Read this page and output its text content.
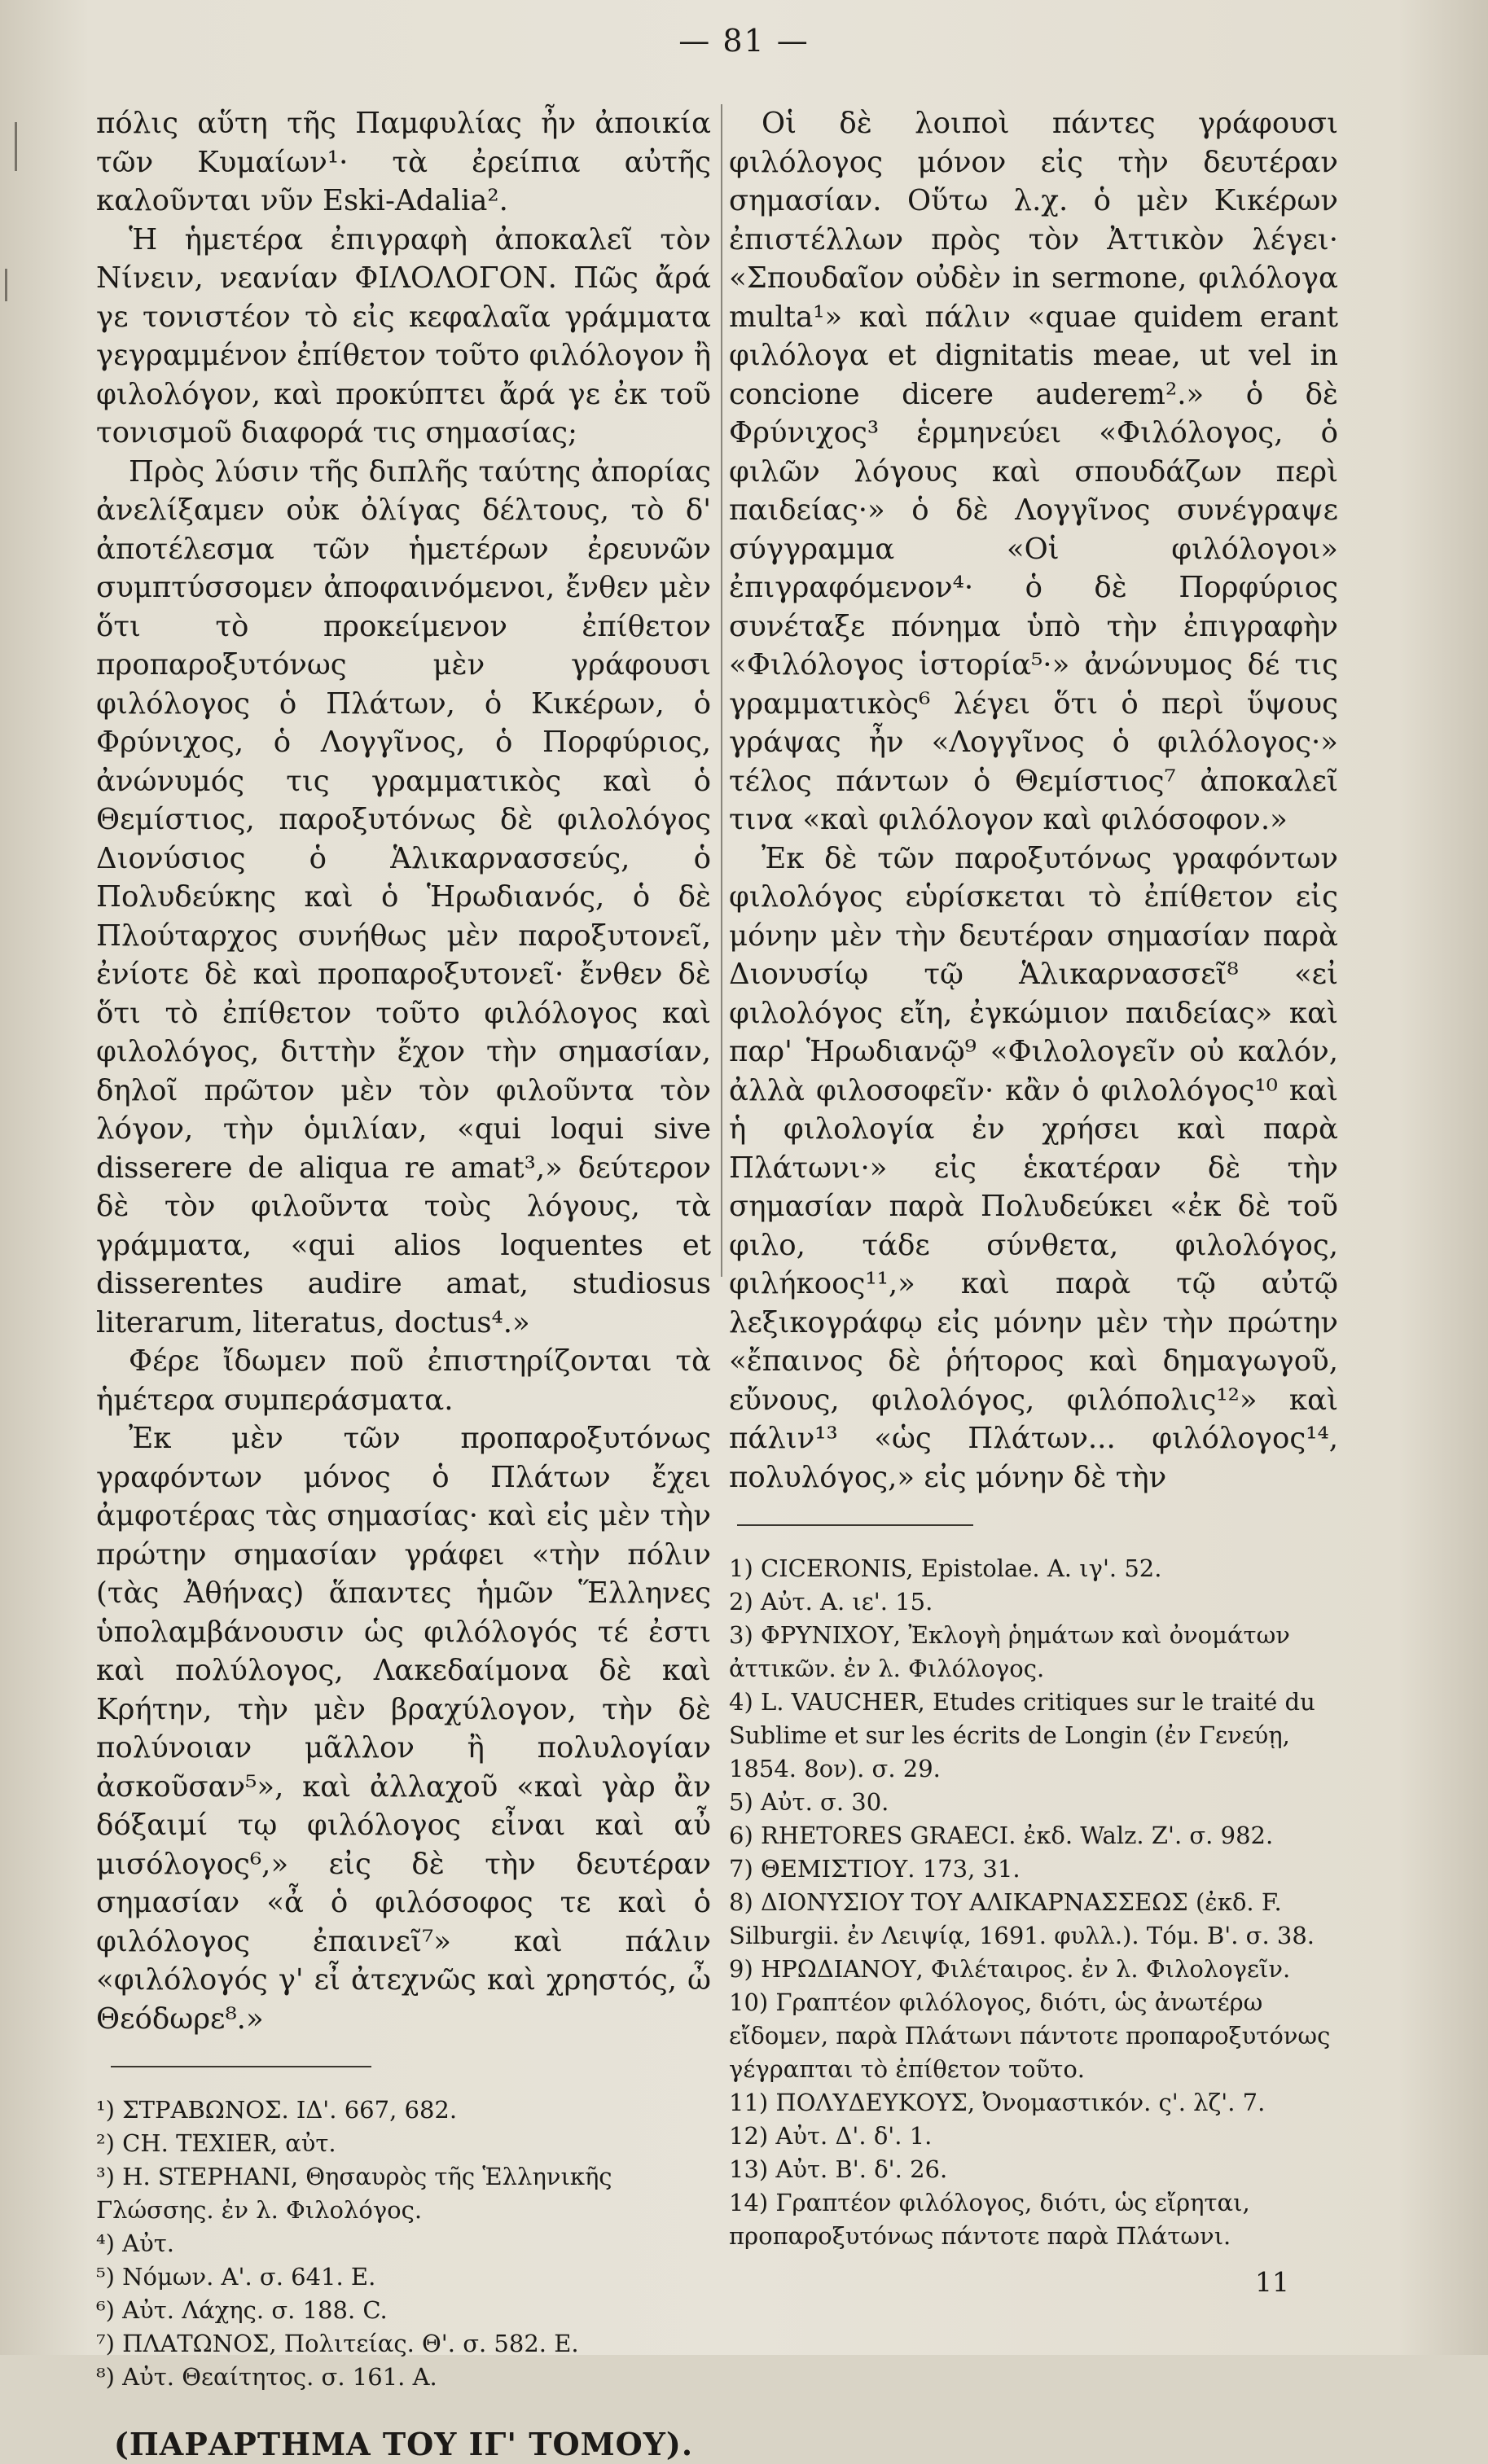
— 81 —

πόλις αὕτη τῆς Παμφυλίας ἦν ἀποικία τῶν Κυμαίων¹· τὰ ἐρείπια αὐτῆς καλοῦνται νῦν Eski-Adalia².

Ἡ ἡμετέρα ἐπιγραφὴ ἀποκαλεῖ τὸν Νίνειν, νεανίαν ΦΙΛΟΛΟΓΟΝ. Πῶς ἄρά γε τονιστέον τὸ εἰς κεφαλαῖα γράμματα γεγραμμένον ἐπίθετον τοῦτο φιλόλογον ἢ φιλολόγον, καὶ προκύπτει ἄρά γε ἐκ τοῦ τονισμοῦ διαφορά τις σημασίας;

Πρὸς λύσιν τῆς διπλῆς ταύτης ἀπορίας ἀνελίξαμεν οὐκ ὀλίγας δέλτους, τὸ δ' ἀποτέλεσμα τῶν ἡμετέρων ἐρευνῶν συμπτύσσομεν ἀποφαινόμενοι, ἔνθεν μὲν ὅτι τὸ προκείμενον ἐπίθετον προπαροξυτόνως μὲν γράφουσι φιλόλογος ὁ Πλάτων, ὁ Κικέρων, ὁ Φρύνιχος, ὁ Λογγῖνος, ὁ Πορφύριος, ἀνώνυμός τις γραμματικὸς καὶ ὁ Θεμίστιος, παροξυτόνως δὲ φιλολόγος Διονύσιος ὁ Ἁλικαρνασσεύς, ὁ Πολυδεύκης καὶ ὁ Ἡρωδιανός, ὁ δὲ Πλούταρχος συνήθως μὲν παροξυτονεῖ, ἐνίοτε δὲ καὶ προπαροξυτονεῖ· ἔνθεν δὲ ὅτι τὸ ἐπίθετον τοῦτο φιλόλογος καὶ φιλολόγος, διττὴν ἔχον τὴν σημασίαν, δηλοῖ πρῶτον μὲν τὸν φιλοῦντα τὸν λόγον, τὴν ὁμιλίαν, «qui loqui sive disserere de aliqua re amat³,» δεύτερον δὲ τὸν φιλοῦντα τοὺς λόγους, τὰ γράμματα, «qui alios loquentes et disserentes audire amat, studiosus literarum, literatus, doctus⁴.»

Φέρε ἴδωμεν ποῦ ἐπιστηρίζονται τὰ ἡμέτερα συμπεράσματα.

Ἐκ μὲν τῶν προπαροξυτόνως γραφόντων μόνος ὁ Πλάτων ἔχει ἀμφοτέρας τὰς σημασίας· καὶ εἰς μὲν τὴν πρώτην σημασίαν γράφει «τὴν πόλιν (τὰς Ἀθήνας) ἅπαντες ἡμῶν Ἕλληνες ὑπολαμβάνουσιν ὡς φιλόλογός τέ ἐστι καὶ πολύλογος, Λακεδαίμονα δὲ καὶ Κρήτην, τὴν μὲν βραχύλογον, τὴν δὲ πολύνοιαν μᾶλλον ἢ πολυλογίαν ἀσκοῦσαν⁵», καὶ ἀλλαχοῦ «καὶ γὰρ ἂν δόξαιμί τῳ φιλόλογος εἶναι καὶ αὖ μισόλογος⁶,» εἰς δὲ τὴν δευτέραν σημασίαν «ἆ ὁ φιλόσοφος τε καὶ ὁ φιλόλογος ἐπαινεῖ⁷» καὶ πάλιν «φιλόλογός γ' εἶ ἀτεχνῶς καὶ χρηστός, ὦ Θεόδωρε⁸.»

¹) ΣΤΡΑΒΩΝΟΣ. ΙΔ'. 667, 682.

²) CH. TEXIER, αὐτ.

³) H. STEPHANI, Θησαυρὸς τῆς Ἑλληνικῆς Γλώσσης. ἐν λ. Φιλολόγος.

⁴) Αὐτ.

⁵) Νόμων. Α'. σ. 641. Ε.

⁶) Αὐτ. Λάχης. σ. 188. C.

⁷) ΠΛΑΤΩΝΟΣ, Πολιτείας. Θ'. σ. 582. Ε.

⁸) Αὐτ. Θεαίτητος. σ. 161. Α.

(ΠΑΡΑΡΤΗΜΑ ΤΟΥ ΙΓ' ΤΟΜΟΥ).

Οἱ δὲ λοιποὶ πάντες γράφουσι φιλόλογος μόνον εἰς τὴν δευτέραν σημασίαν. Οὕτω λ.χ. ὁ μὲν Κικέρων ἐπιστέλλων πρὸς τὸν Ἀττικὸν λέγει· «Σπουδαῖον οὐδὲν in sermone, φιλόλογα multa¹» καὶ πάλιν «quae quidem erant φιλόλογα et dignitatis meae, ut vel in concione dicere auderem².» ὁ δὲ Φρύνιχος³ ἑρμηνεύει «Φιλόλογος, ὁ φιλῶν λόγους καὶ σπουδάζων περὶ παιδείας·» ὁ δὲ Λογγῖνος συνέγραψε σύγγραμμα «Οἱ φιλόλογοι» ἐπιγραφόμενον⁴· ὁ δὲ Πορφύριος συνέταξε πόνημα ὑπὸ τὴν ἐπιγραφὴν «Φιλόλογος ἱστορία⁵·» ἀνώνυμος δέ τις γραμματικὸς⁶ λέγει ὅτι ὁ περὶ ὕψους γράψας ἦν «Λογγῖνος ὁ φιλόλογος·» τέλος πάντων ὁ Θεμίστιος⁷ ἀποκαλεῖ τινα «καὶ φιλόλογον καὶ φιλόσοφον.»

Ἐκ δὲ τῶν παροξυτόνως γραφόντων φιλολόγος εὑρίσκεται τὸ ἐπίθετον εἰς μόνην μὲν τὴν δευτέραν σημασίαν παρὰ Διονυσίῳ τῷ Ἁλικαρνασσεῖ⁸ «εἰ φιλολόγος εἴη, ἐγκώμιον παιδείας» καὶ παρ' Ἡρωδιανῷ⁹ «Φιλολογεῖν οὐ καλόν, ἀλλὰ φιλοσοφεῖν· κἂν ὁ φιλολόγος¹⁰ καὶ ἡ φιλολογία ἐν χρήσει καὶ παρὰ Πλάτωνι·» εἰς ἑκατέραν δὲ τὴν σημασίαν παρὰ Πολυδεύκει «ἐκ δὲ τοῦ φιλο, τάδε σύνθετα, φιλολόγος, φιλήκοος¹¹,» καὶ παρὰ τῷ αὐτῷ λεξικογράφῳ εἰς μόνην μὲν τὴν πρώτην «ἔπαινος δὲ ῥήτορος καὶ δημαγωγοῦ, εὔνους, φιλολόγος, φιλόπολις¹²» καὶ πάλιν¹³ «ὡς Πλάτων... φιλόλογος¹⁴, πολυλόγος,» εἰς μόνην δὲ τὴν

1) CICERONIS, Epistolae. A. ιγ'. 52.

2) Αὐτ. A. ιε'. 15.

3) ΦΡΥΝΙΧΟΥ, Ἐκλογὴ ῥημάτων καὶ ὀνομάτων ἀττικῶν. ἐν λ. Φιλόλογος.

4) L. VAUCHER, Etudes critiques sur le traité du Sublime et sur les écrits de Longin (ἐν Γενεύῃ, 1854. 8ον). σ. 29.

5) Αὐτ. σ. 30.

6) RHETORES GRAECI. ἐκδ. Walz. Z'. σ. 982.

7) ΘΕΜΙΣΤΙΟΥ. 173, 31.

8) ΔΙΟΝΥΣΙΟΥ ΤΟΥ ΑΛΙΚΑΡΝΑΣΣΕΩΣ (ἐκδ. F. Silburgii. ἐν Λειψίᾳ, 1691. φυλλ.). Τόμ. B'. σ. 38.

9) ΗΡΩΔΙΑΝΟΥ, Φιλέταιρος. ἐν λ. Φιλολογεῖν.

10) Γραπτέον φιλόλογος, διότι, ὡς ἀνωτέρω εἴδομεν, παρὰ Πλάτωνι πάντοτε προπαροξυτόνως γέγραπται τὸ ἐπίθετον τοῦτο.

11) ΠΟΛΥΔΕΥΚΟΥΣ, Ὀνομαστικόν. ς'. λζ'. 7.

12) Αὐτ. Δ'. δ'. 1.

13) Αὐτ. B'. δ'. 26.

14) Γραπτέον φιλόλογος, διότι, ὡς εἴρηται, προπαροξυτόνως πάντοτε παρὰ Πλάτωνι.

11
